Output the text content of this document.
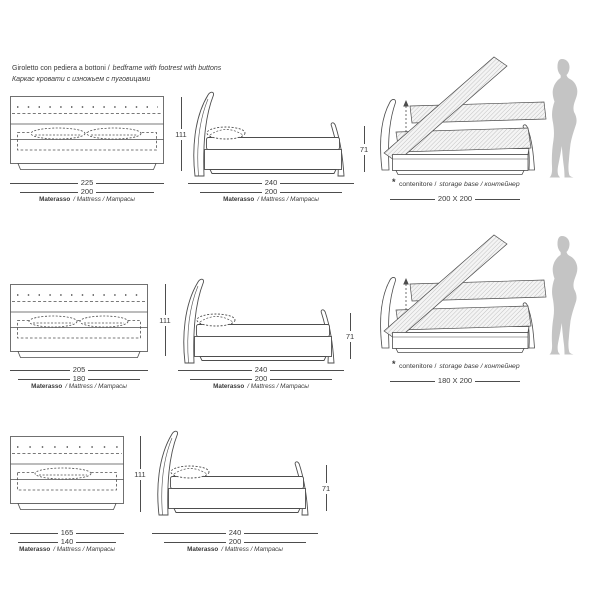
Giroletto con pediera a bottoni / bedframe with footrest with buttons
Каркас кровати с изножьем с пуговицами
111
71
225
200
Materasso / Mattress / Матрасы
240
200
Materasso / Mattress / Матрасы
* contenitore / storage base / контейнер
200 X 200
111
71
205
180
Materasso / Mattress / Матрасы
240
200
Materasso / Mattress / Матрасы
* contenitore / storage base / контейнер
180 X 200
111
71
165
140
Materasso / Mattress / Матрасы
240
200
Materasso / Mattress / Матрасы
